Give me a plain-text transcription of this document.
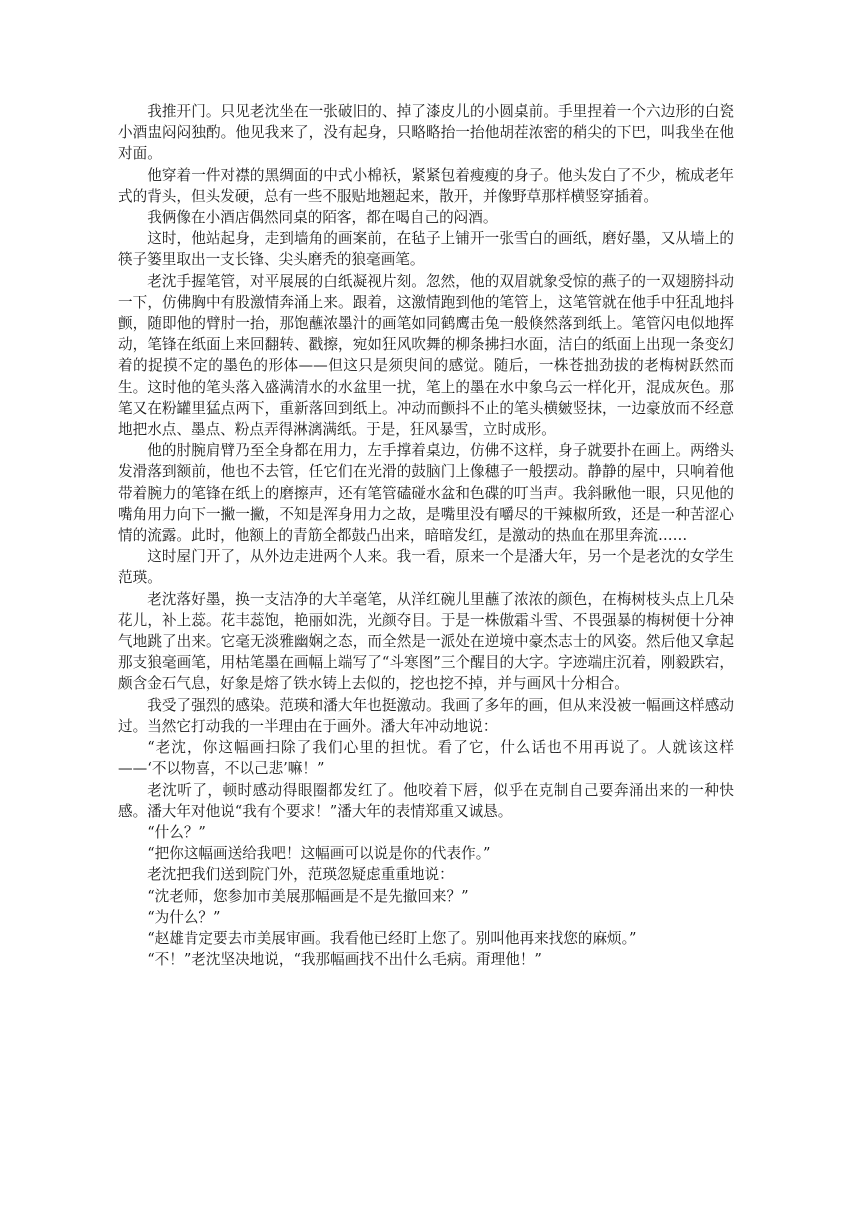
我推开门。只见老沈坐在一张破旧的、掉了漆皮儿的小圆桌前。手里捏着一个六边形的白瓷小酒盅闷闷独酌。他见我来了，没有起身，只略略抬一抬他胡茬浓密的稍尖的下巴，叫我坐在他对面。

他穿着一件对襟的黑绸面的中式小棉袄，紧紧包着瘦瘦的身子。他头发白了不少，梳成老年式的背头，但头发硬，总有一些不服贴地翘起来，散开，并像野草那样横竖穿插着。

我俩像在小酒店偶然同桌的陌客，都在喝自己的闷酒。

这时，他站起身，走到墙角的画案前，在毡子上铺开一张雪白的画纸，磨好墨，又从墙上的筷子篓里取出一支长锋、尖头磨秃的狼毫画笔。

老沈手握笔管，对平展展的白纸凝视片刻。忽然，他的双眉就象受惊的燕子的一双翅膀抖动一下，仿佛胸中有股激情奔涌上来。跟着，这激情跑到他的笔管上，这笔管就在他手中狂乱地抖颤，随即他的臂肘一抬，那饱蘸浓墨汁的画笔如同鹤鹰击兔一般倏然落到纸上。笔管闪电似地挥动，笔锋在纸面上来回翻转、戳擦，宛如狂风吹舞的柳条拂扫水面，洁白的纸面上出现一条变幻着的捉摸不定的墨色的形体——但这只是须臾间的感觉。随后，一株苍拙劲拔的老梅树跃然而生。这时他的笔头落入盛满清水的水盆里一扰，笔上的墨在水中象乌云一样化开，混成灰色。那笔又在粉罐里猛点两下，重新落回到纸上。冲动而颤抖不止的笔头横皴竖抹，一边豪放而不经意地把水点、墨点、粉点弄得淋漓满纸。于是，狂风暴雪，立时成形。

他的肘腕肩臂乃至全身都在用力，左手撑着桌边，仿佛不这样，身子就要扑在画上。两绺头发滑落到额前，他也不去管，任它们在光滑的鼓脑门上像穗子一般摆动。静静的屋中，只响着他带着腕力的笔锋在纸上的磨擦声，还有笔管磕碰水盆和色碟的叮当声。我斜瞅他一眼，只见他的嘴角用力向下一撇一撇，不知是浑身用力之故，是嘴里没有嚼尽的干辣椒所致，还是一种苦涩心情的流露。此时，他额上的青筋全都鼓凸出来，暗暗发红，是激动的热血在那里奔流……

这时屋门开了，从外边走进两个人来。我一看，原来一个是潘大年，另一个是老沈的女学生范瑛。

老沈落好墨，换一支洁净的大羊毫笔，从洋红碗儿里蘸了浓浓的颜色，在梅树枝头点上几朵花儿，补上蕊。花丰蕊饱，艳丽如洗，光颜夺目。于是一株傲霜斗雪、不畏强暴的梅树便十分神气地跳了出来。它毫无淡雅幽娴之态，而全然是一派处在逆境中豪杰志士的风姿。然后他又拿起那支狼毫画笔，用枯笔墨在画幅上端写了“斗寒图”三个醒目的大字。字迹端庄沉着，刚毅跌宕，颇含金石气息，好象是熔了铁水铸上去似的，挖也挖不掉，并与画风十分相合。

我受了强烈的感染。范瑛和潘大年也挺激动。我画了多年的画，但从来没被一幅画这样感动过。当然它打动我的一半理由在于画外。潘大年冲动地说：

“老沈，你这幅画扫除了我们心里的担忧。看了它，什么话也不用再说了。人就该这样——‘不以物喜，不以己悲’嘛！”

老沈听了，顿时感动得眼圈都发红了。他咬着下唇，似乎在克制自己要奔涌出来的一种快感。潘大年对他说“我有个要求！”潘大年的表情郑重又诚恳。

“什么？”

“把你这幅画送给我吧！这幅画可以说是你的代表作。”

老沈把我们送到院门外，范瑛忽疑虑重重地说：

“沈老师，您参加市美展那幅画是不是先撤回来？”

“为什么？”

“赵雄肯定要去市美展审画。我看他已经盯上您了。别叫他再来找您的麻烦。”

“不！”老沈坚决地说，“我那幅画找不出什么毛病。甭理他！”
